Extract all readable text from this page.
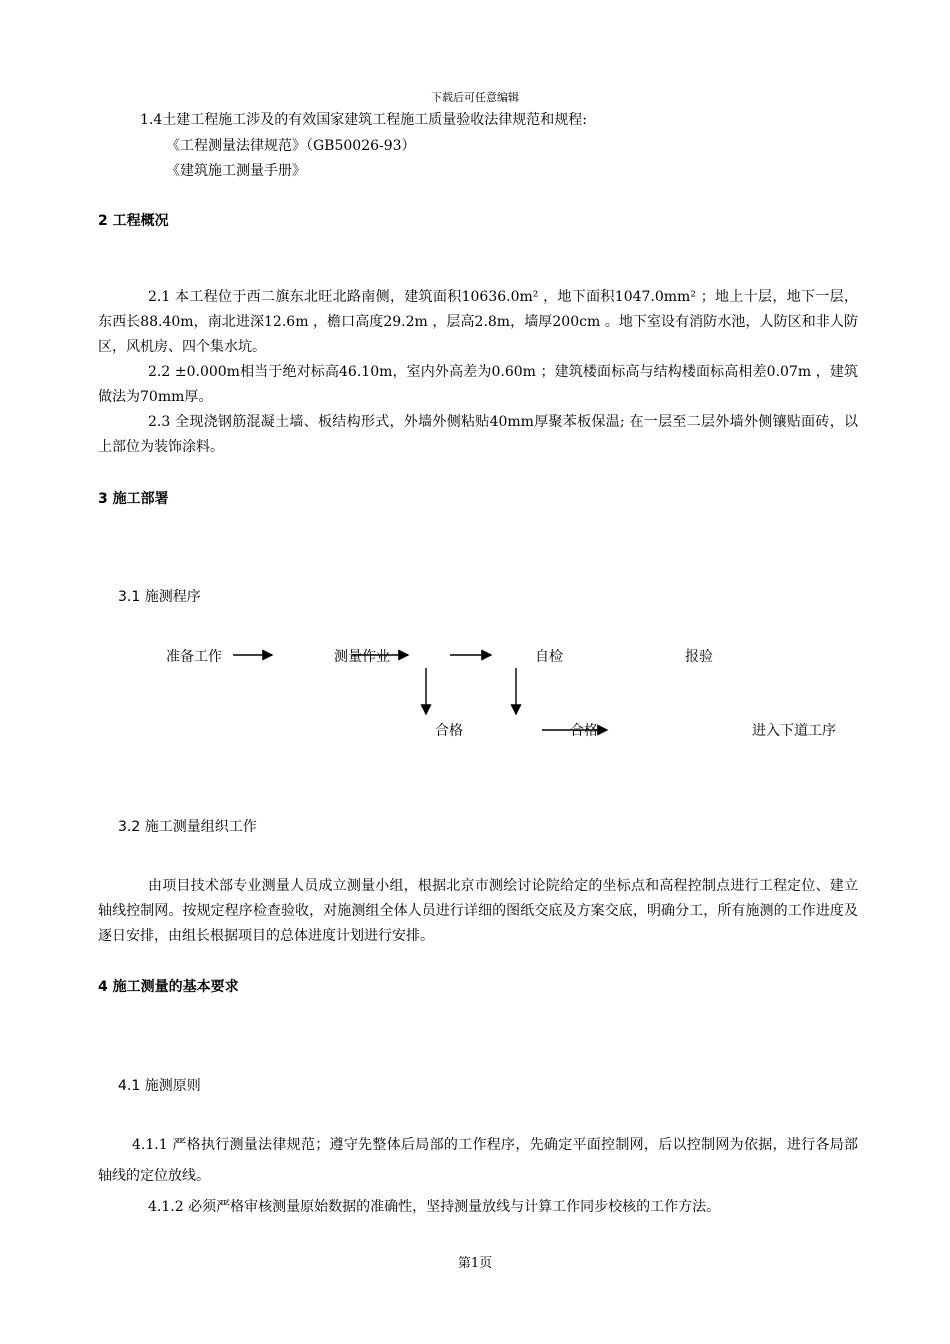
下载后可任意编辑
1.4土建工程施工涉及的有效国家建筑工程施工质量验收法律规范和规程:
《工程测量法律规范》（GB50026-93）
《建筑施工测量手册》
2 工程概况

2.1 本工程位于西二旗东北旺北路南侧，建筑面积10636.0m² ，地下面积1047.0mm² ；地上十层，地下一层，东西长88.40m，南北进深12.6m ，檐口高度29.2m ，层高2.8m，墙厚200cm 。地下室设有消防水池，人防区和非人防区，风机房、四个集水坑。

2.2 ±0.000m相当于绝对标高46.10m，室内外高差为0.60m ；建筑楼面标高与结构楼面标高相差0.07m ，建筑做法为70mm厚。

2.3 全现浇钢筋混凝土墙、板结构形式，外墙外侧粘贴40mm厚聚苯板保温; 在一层至二层外墙外侧镶贴面砖，以上部位为装饰涂料。

3 施工部署
3.1 施测程序
准备工作	测量作业	自检	报验
合格	合格	进入下道工序
3.2 施工测量组织工作

由项目技术部专业测量人员成立测量小组，根据北京市测绘讨论院给定的坐标点和高程控制点进行工程定位、建立轴线控制网。按规定程序检查验收，对施测组全体人员进行详细的图纸交底及方案交底，明确分工，所有施测的工作进度及逐日安排，由组长根据项目的总体进度计划进行安排。

4 施工测量的基本要求
4.1 施测原则

4.1.1 严格执行测量法律规范；遵守先整体后局部的工作程序，先确定平面控制网，后以控制网为依据，进行各局部轴线的定位放线。

4.1.2 必须严格审核测量原始数据的准确性，坚持测量放线与计算工作同步校核的工作方法。

第1页
